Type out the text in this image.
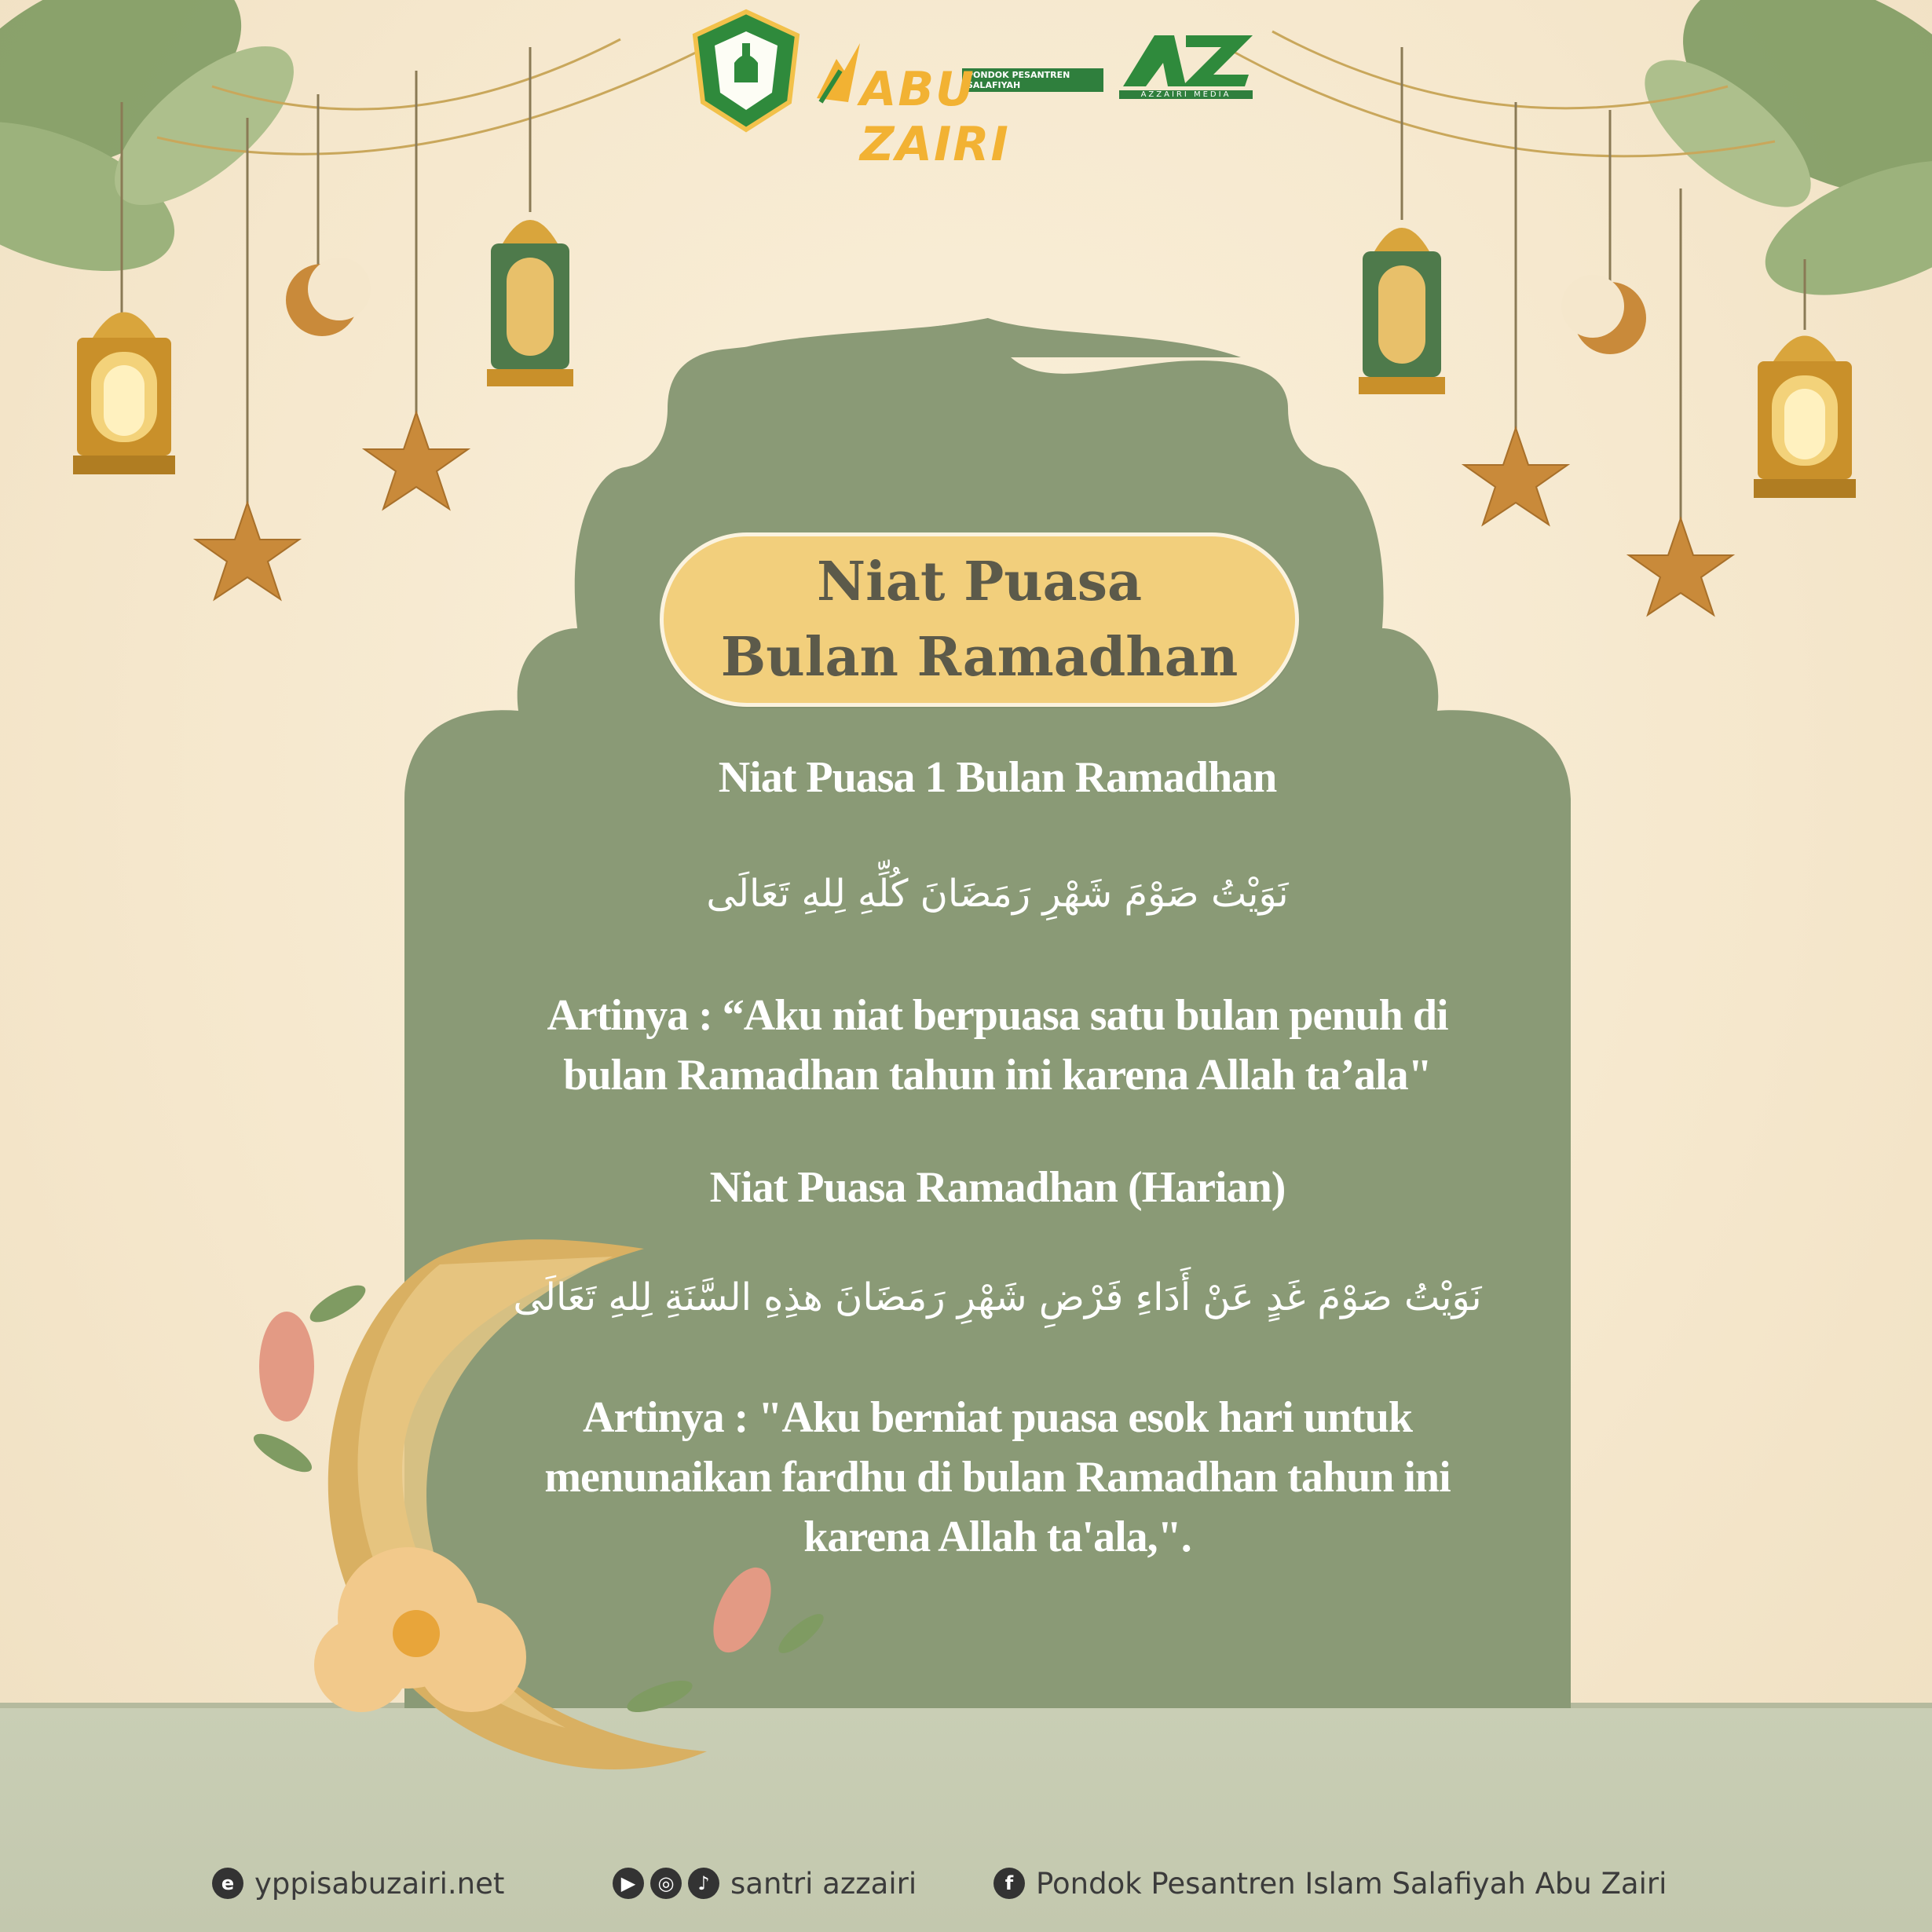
PONDOK PESANTREN SALAFIYAH
ABU ZAIRI
AZZAIRI MEDIA
Niat Puasa
Bulan Ramadhan
Niat Puasa 1 Bulan Ramadhan
نَوَيْتُ صَوْمَ شَهْرِ رَمَضَانَ كُلِّهِ لِلهِ تَعَالَى
Artinya : “Aku niat berpuasa satu bulan penuh di
bulan Ramadhan tahun ini karena Allah ta’ala"
Niat Puasa Ramadhan (Harian)
نَوَيْتُ صَوْمَ غَدٍ عَنْ أَدَاءِ فَرْضِ شَهْرِ رَمَضَانَ هذِهِ السَّنَةِ لِلهِ تَعَالَى
Artinya : "Aku berniat puasa esok hari untuk
menunaikan fardhu di bulan Ramadhan tahun ini
karena Allah ta'ala,".
e yppisabuzairi.net	▶	◎	♪ santri azzairi	f Pondok Pesantren Islam Salafiyah Abu Zairi
